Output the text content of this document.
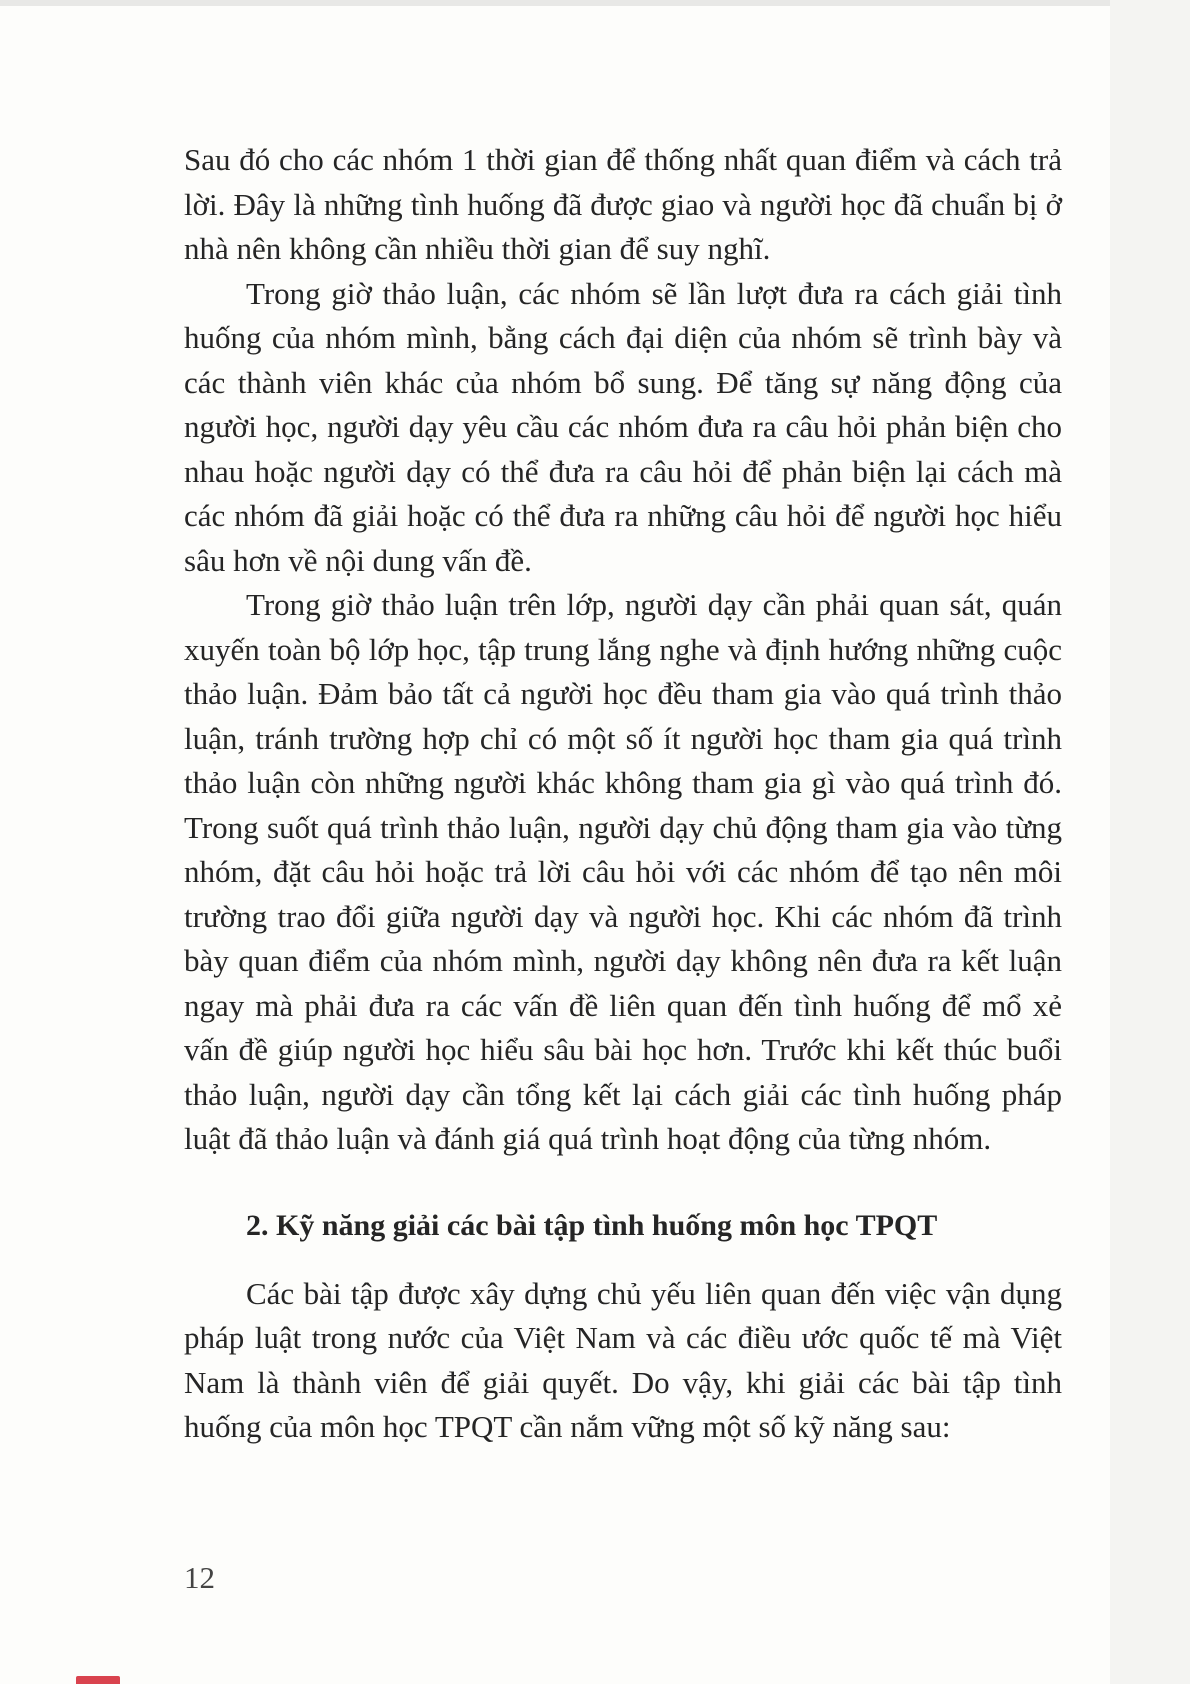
Sau đó cho các nhóm 1 thời gian để thống nhất quan điểm và cách trả lời. Đây là những tình huống đã được giao và người học đã chuẩn bị ở nhà nên không cần nhiều thời gian để suy nghĩ.

Trong giờ thảo luận, các nhóm sẽ lần lượt đưa ra cách giải tình huống của nhóm mình, bằng cách đại diện của nhóm sẽ trình bày và các thành viên khác của nhóm bổ sung. Để tăng sự năng động của người học, người dạy yêu cầu các nhóm đưa ra câu hỏi phản biện cho nhau hoặc người dạy có thể đưa ra câu hỏi để phản biện lại cách mà các nhóm đã giải hoặc có thể đưa ra những câu hỏi để người học hiểu sâu hơn về nội dung vấn đề.

Trong giờ thảo luận trên lớp, người dạy cần phải quan sát, quán xuyến toàn bộ lớp học, tập trung lắng nghe và định hướng những cuộc thảo luận. Đảm bảo tất cả người học đều tham gia vào quá trình thảo luận, tránh trường hợp chỉ có một số ít người học tham gia quá trình thảo luận còn những người khác không tham gia gì vào quá trình đó. Trong suốt quá trình thảo luận, người dạy chủ động tham gia vào từng nhóm, đặt câu hỏi hoặc trả lời câu hỏi với các nhóm để tạo nên môi trường trao đổi giữa người dạy và người học. Khi các nhóm đã trình bày quan điểm của nhóm mình, người dạy không nên đưa ra kết luận ngay mà phải đưa ra các vấn đề liên quan đến tình huống để mổ xẻ vấn đề giúp người học hiểu sâu bài học hơn. Trước khi kết thúc buổi thảo luận, người dạy cần tổng kết lại cách giải các tình huống pháp luật đã thảo luận và đánh giá quá trình hoạt động của từng nhóm.

2. Kỹ năng giải các bài tập tình huống môn học TPQT

Các bài tập được xây dựng chủ yếu liên quan đến việc vận dụng pháp luật trong nước của Việt Nam và các điều ước quốc tế mà Việt Nam là thành viên để giải quyết. Do vậy, khi giải các bài tập tình huống của môn học TPQT cần nắm vững một số kỹ năng sau:

12
